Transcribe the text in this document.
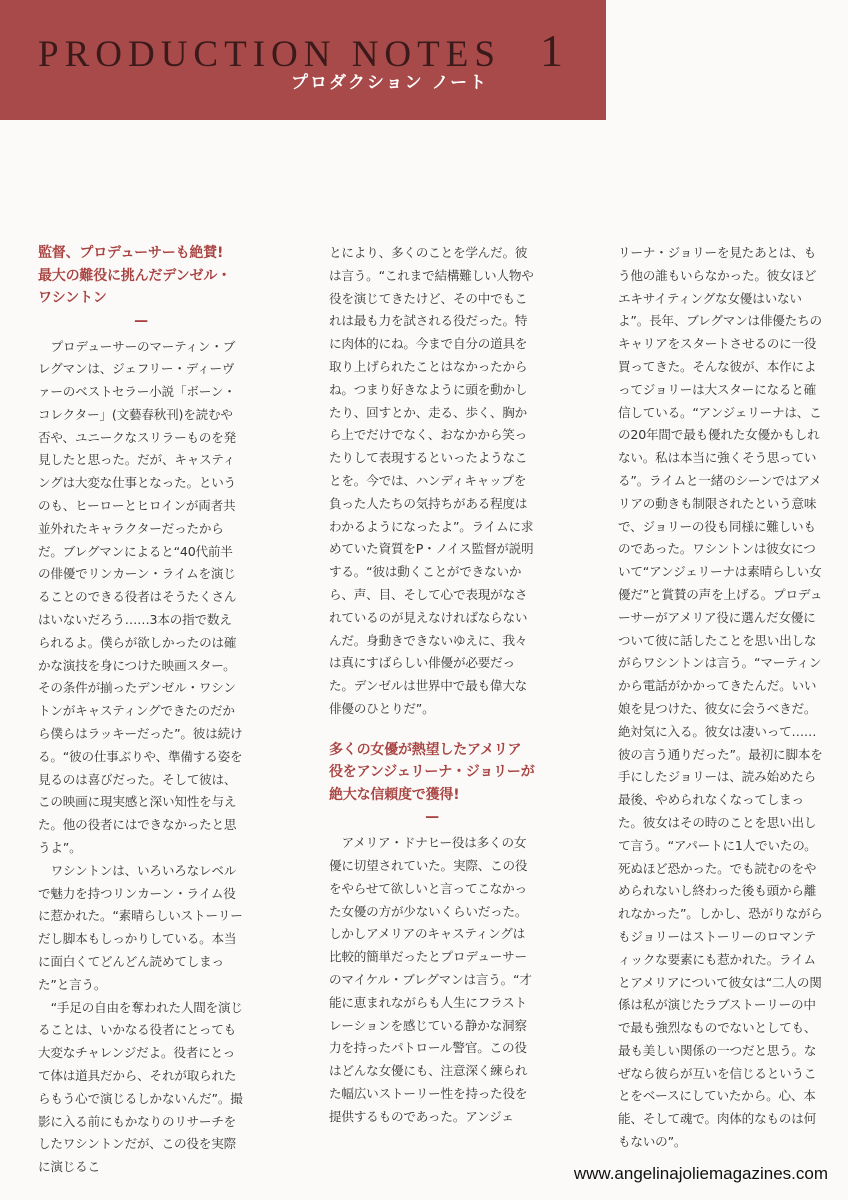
PRODUCTION NOTES 1
プロダクション ノート

監督、プロデューサーも絶賛!
最大の難役に挑んだデンゼル・ワシントン

—

プロデューサーのマーティン・ブレグマンは、ジェフリー・ディーヴァーのベストセラー小説「ボーン・コレクター」(文藝春秋刊)を読むや否や、ユニークなスリラーものを発見したと思った。だが、キャスティングは大変な仕事となった。というのも、ヒーローとヒロインが両者共並外れたキャラクターだったからだ。ブレグマンによると“40代前半の俳優でリンカーン・ライムを演じることのできる役者はそうたくさんはいないだろう……3本の指で数えられるよ。僕らが欲しかったのは確かな演技を身につけた映画スター。その条件が揃ったデンゼル・ワシントンがキャスティングできたのだから僕らはラッキーだった”。彼は続ける。“彼の仕事ぶりや、準備する姿を見るのは喜びだった。そして彼は、この映画に現実感と深い知性を与えた。他の役者にはできなかったと思うよ”。

ワシントンは、いろいろなレベルで魅力を持つリンカーン・ライム役に惹かれた。“素晴らしいストーリーだし脚本もしっかりしている。本当に面白くてどんどん読めてしまった”と言う。

“手足の自由を奪われた人間を演じることは、いかなる役者にとっても大変なチャレンジだよ。役者にとって体は道具だから、それが取られたらもう心で演じるしかないんだ”。撮影に入る前にもかなりのリサーチをしたワシントンだが、この役を実際に演じるこ

とにより、多くのことを学んだ。彼は言う。“これまで結構難しい人物や役を演じてきたけど、その中でもこれは最も力を試される役だった。特に肉体的にね。今まで自分の道具を取り上げられたことはなかったからね。つまり好きなように頭を動かしたり、回すとか、走る、歩く、胸から上でだけでなく、おなかから笑ったりして表現するといったようなことを。今では、ハンディキャップを負った人たちの気持ちがある程度はわかるようになったよ”。ライムに求めていた資質をP・ノイス監督が説明する。“彼は動くことができないから、声、目、そして心で表現がなされているのが見えなければならないんだ。身動きできないゆえに、我々は真にすばらしい俳優が必要だった。デンゼルは世界中で最も偉大な俳優のひとりだ”。

多くの女優が熱望したアメリア役をアンジェリーナ・ジョリーが絶大な信頼度で獲得!

—

アメリア・ドナヒー役は多くの女優に切望されていた。実際、この役をやらせて欲しいと言ってこなかった女優の方が少ないくらいだった。しかしアメリアのキャスティングは比較的簡単だったとプロデューサーのマイケル・ブレグマンは言う。“才能に恵まれながらも人生にフラストレーションを感じている静かな洞察力を持ったパトロール警官。この役はどんな女優にも、注意深く練られた幅広いストーリー性を持った役を提供するものであった。アンジェ

リーナ・ジョリーを見たあとは、もう他の誰もいらなかった。彼女ほどエキサイティングな女優はいないよ”。長年、ブレグマンは俳優たちのキャリアをスタートさせるのに一役買ってきた。そんな彼が、本作によってジョリーは大スターになると確信している。“アンジェリーナは、この20年間で最も優れた女優かもしれない。私は本当に強くそう思っている”。ライムと一緒のシーンではアメリアの動きも制限されたという意味で、ジョリーの役も同様に難しいものであった。ワシントンは彼女について“アンジェリーナは素晴らしい女優だ”と賞賛の声を上げる。プロデューサーがアメリア役に選んだ女優について彼に話したことを思い出しながらワシントンは言う。“マーティンから電話がかかってきたんだ。いい娘を見つけた、彼女に会うべきだ。絶対気に入る。彼女は凄いって……彼の言う通りだった”。最初に脚本を手にしたジョリーは、読み始めたら最後、やめられなくなってしまった。彼女はその時のことを思い出して言う。“アパートに1人でいたの。死ぬほど恐かった。でも読むのをやめられないし終わった後も頭から離れなかった”。しかし、恐がりながらもジョリーはストーリーのロマンティックな要素にも惹かれた。ライムとアメリアについて彼女は“二人の関係は私が演じたラブストーリーの中で最も強烈なものでないとしても、最も美しい関係の一つだと思う。なぜなら彼らが互いを信じるということをベースにしていたから。心、本能、そして魂で。肉体的なものは何もないの”。

www.angelinajoliemagazines.com
